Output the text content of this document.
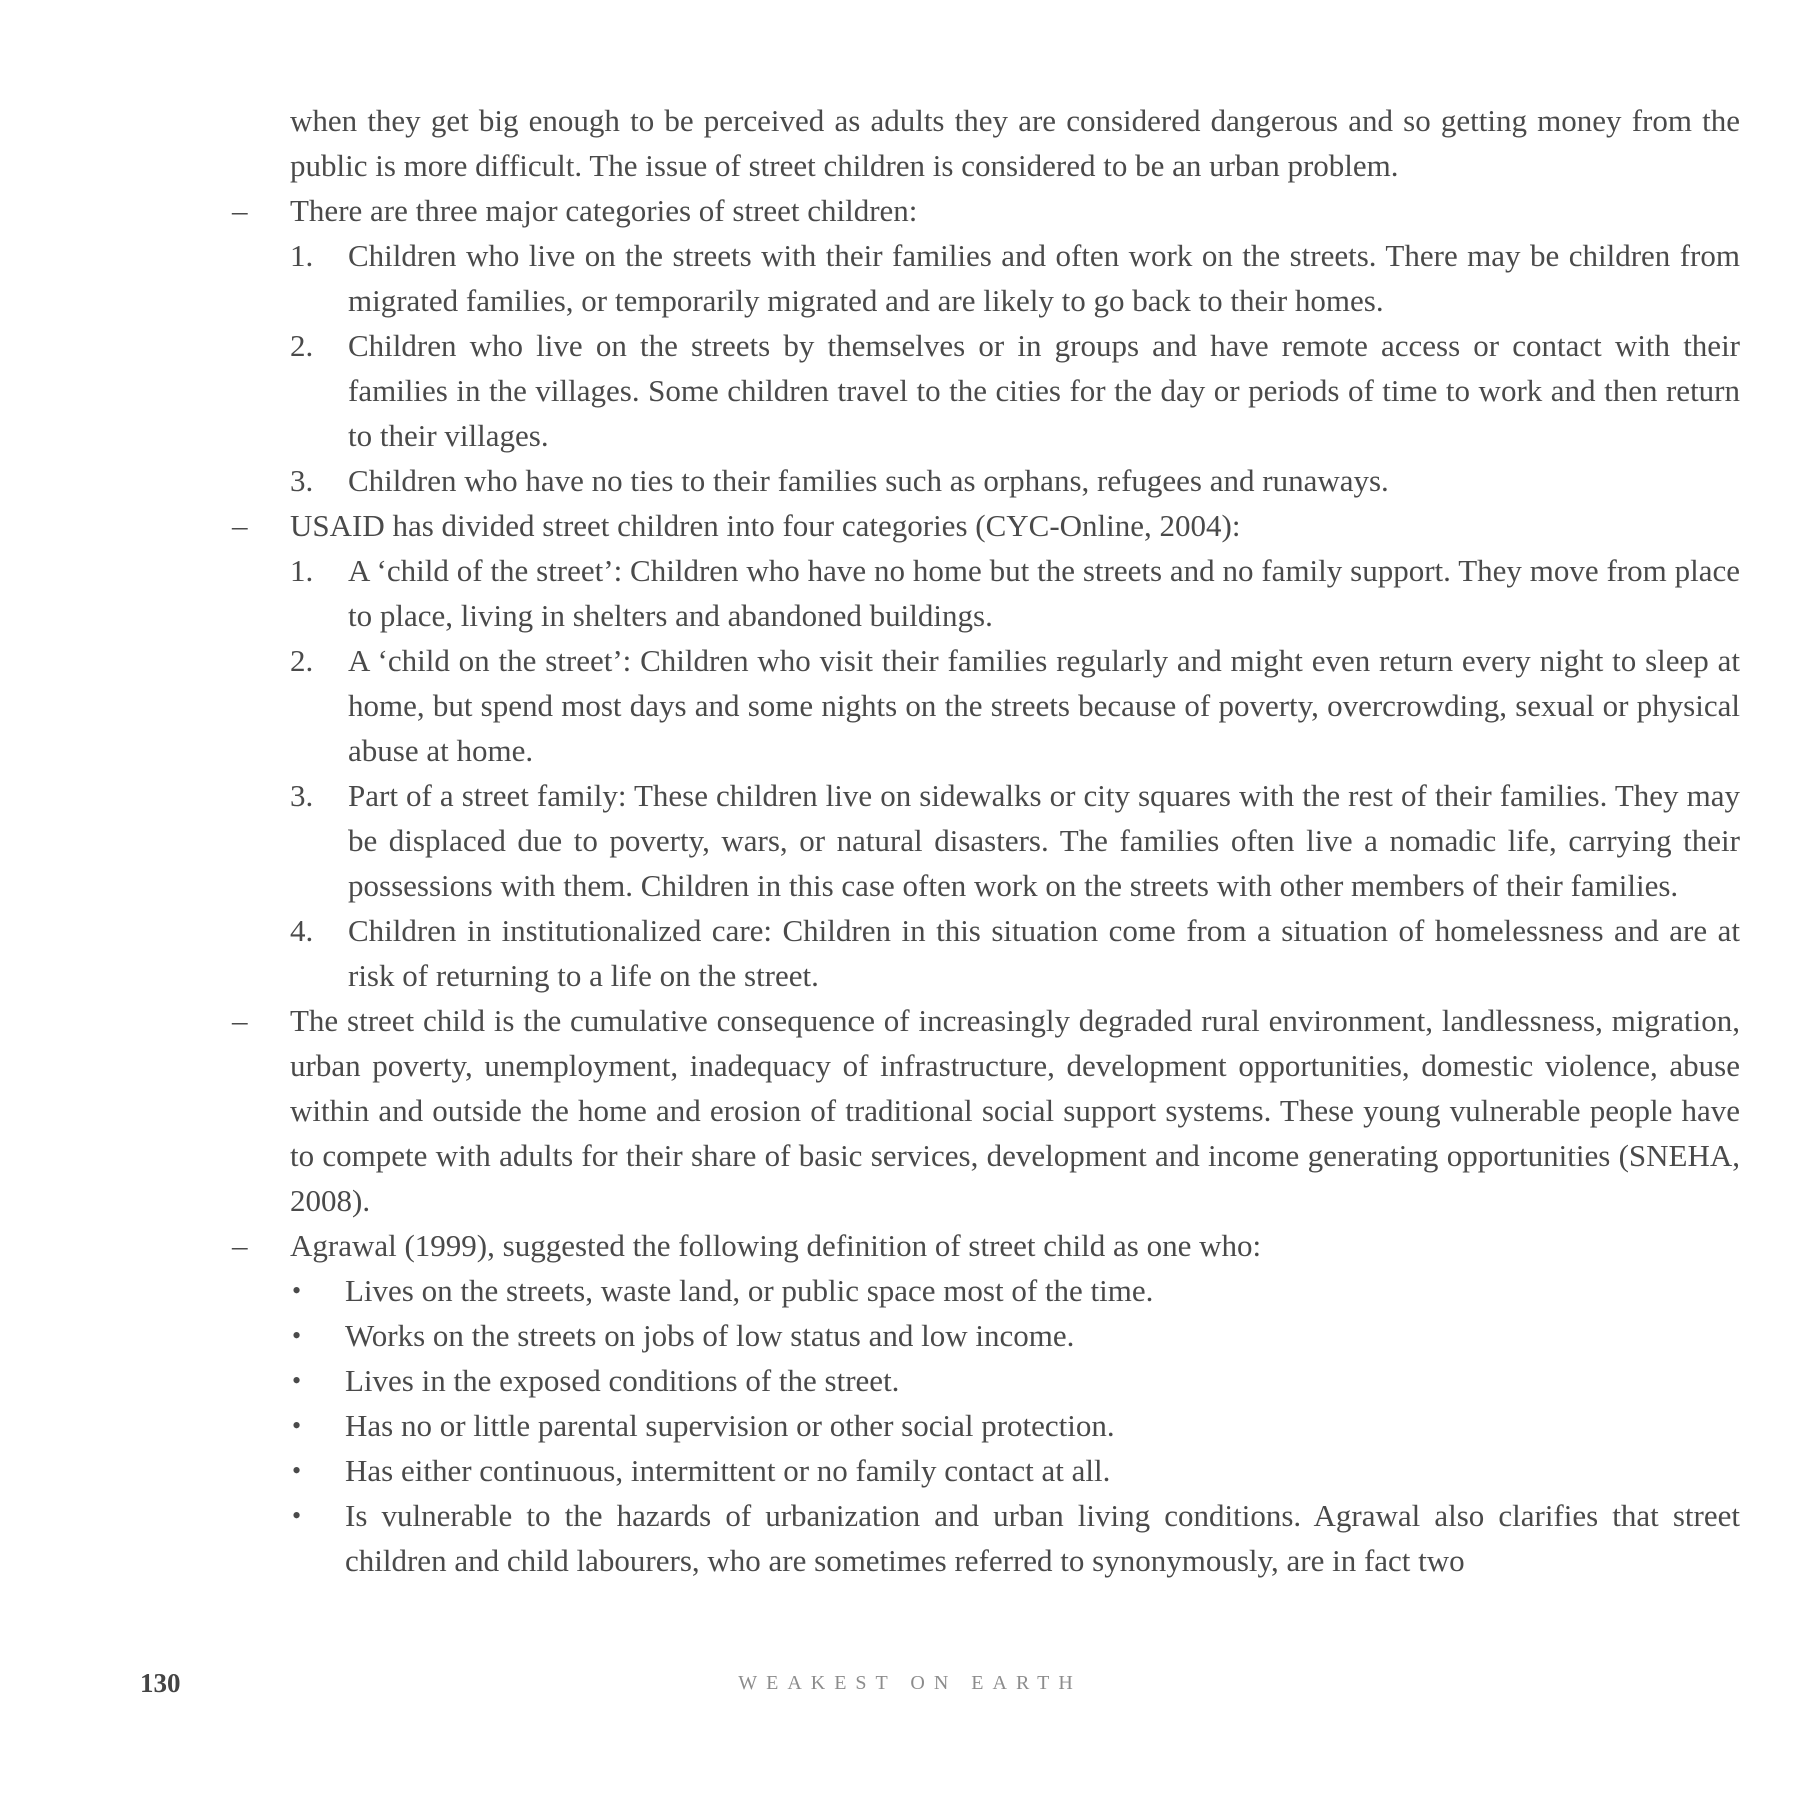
when they get big enough to be perceived as adults they are considered dangerous and so getting money from the public is more difficult. The issue of street children is considered to be an urban problem.

– There are three major categories of street children:

1. Children who live on the streets with their families and often work on the streets. There may be children from migrated families, or temporarily migrated and are likely to go back to their homes.

2. Children who live on the streets by themselves or in groups and have remote access or contact with their families in the villages. Some children travel to the cities for the day or periods of time to work and then return to their villages.

3. Children who have no ties to their families such as orphans, refugees and runaways.

– USAID has divided street children into four categories (CYC-Online, 2004):

1. A ‘child of the street’: Children who have no home but the streets and no family support. They move from place to place, living in shelters and abandoned buildings.

2. A ‘child on the street’: Children who visit their families regularly and might even return every night to sleep at home, but spend most days and some nights on the streets because of poverty, overcrowding, sexual or physical abuse at home.

3. Part of a street family: These children live on sidewalks or city squares with the rest of their families. They may be displaced due to poverty, wars, or natural disasters. The families often live a nomadic life, carrying their possessions with them. Children in this case often work on the streets with other members of their families.

4. Children in institutionalized care: Children in this situation come from a situation of homelessness and are at risk of returning to a life on the street.

– The street child is the cumulative consequence of increasingly degraded rural environment, landlessness, migration, urban poverty, unemployment, inadequacy of infrastructure, development opportunities, domestic violence, abuse within and outside the home and erosion of traditional social support systems. These young vulnerable people have to compete with adults for their share of basic services, development and income generating opportunities (SNEHA, 2008).

– Agrawal (1999), suggested the following definition of street child as one who:

• Lives on the streets, waste land, or public space most of the time.

• Works on the streets on jobs of low status and low income.

• Lives in the exposed conditions of the street.

• Has no or little parental supervision or other social protection.

• Has either continuous, intermittent or no family contact at all.

• Is vulnerable to the hazards of urbanization and urban living conditions. Agrawal also clarifies that street children and child labourers, who are sometimes referred to synonymously, are in fact two

130	WEAKEST ON EARTH
